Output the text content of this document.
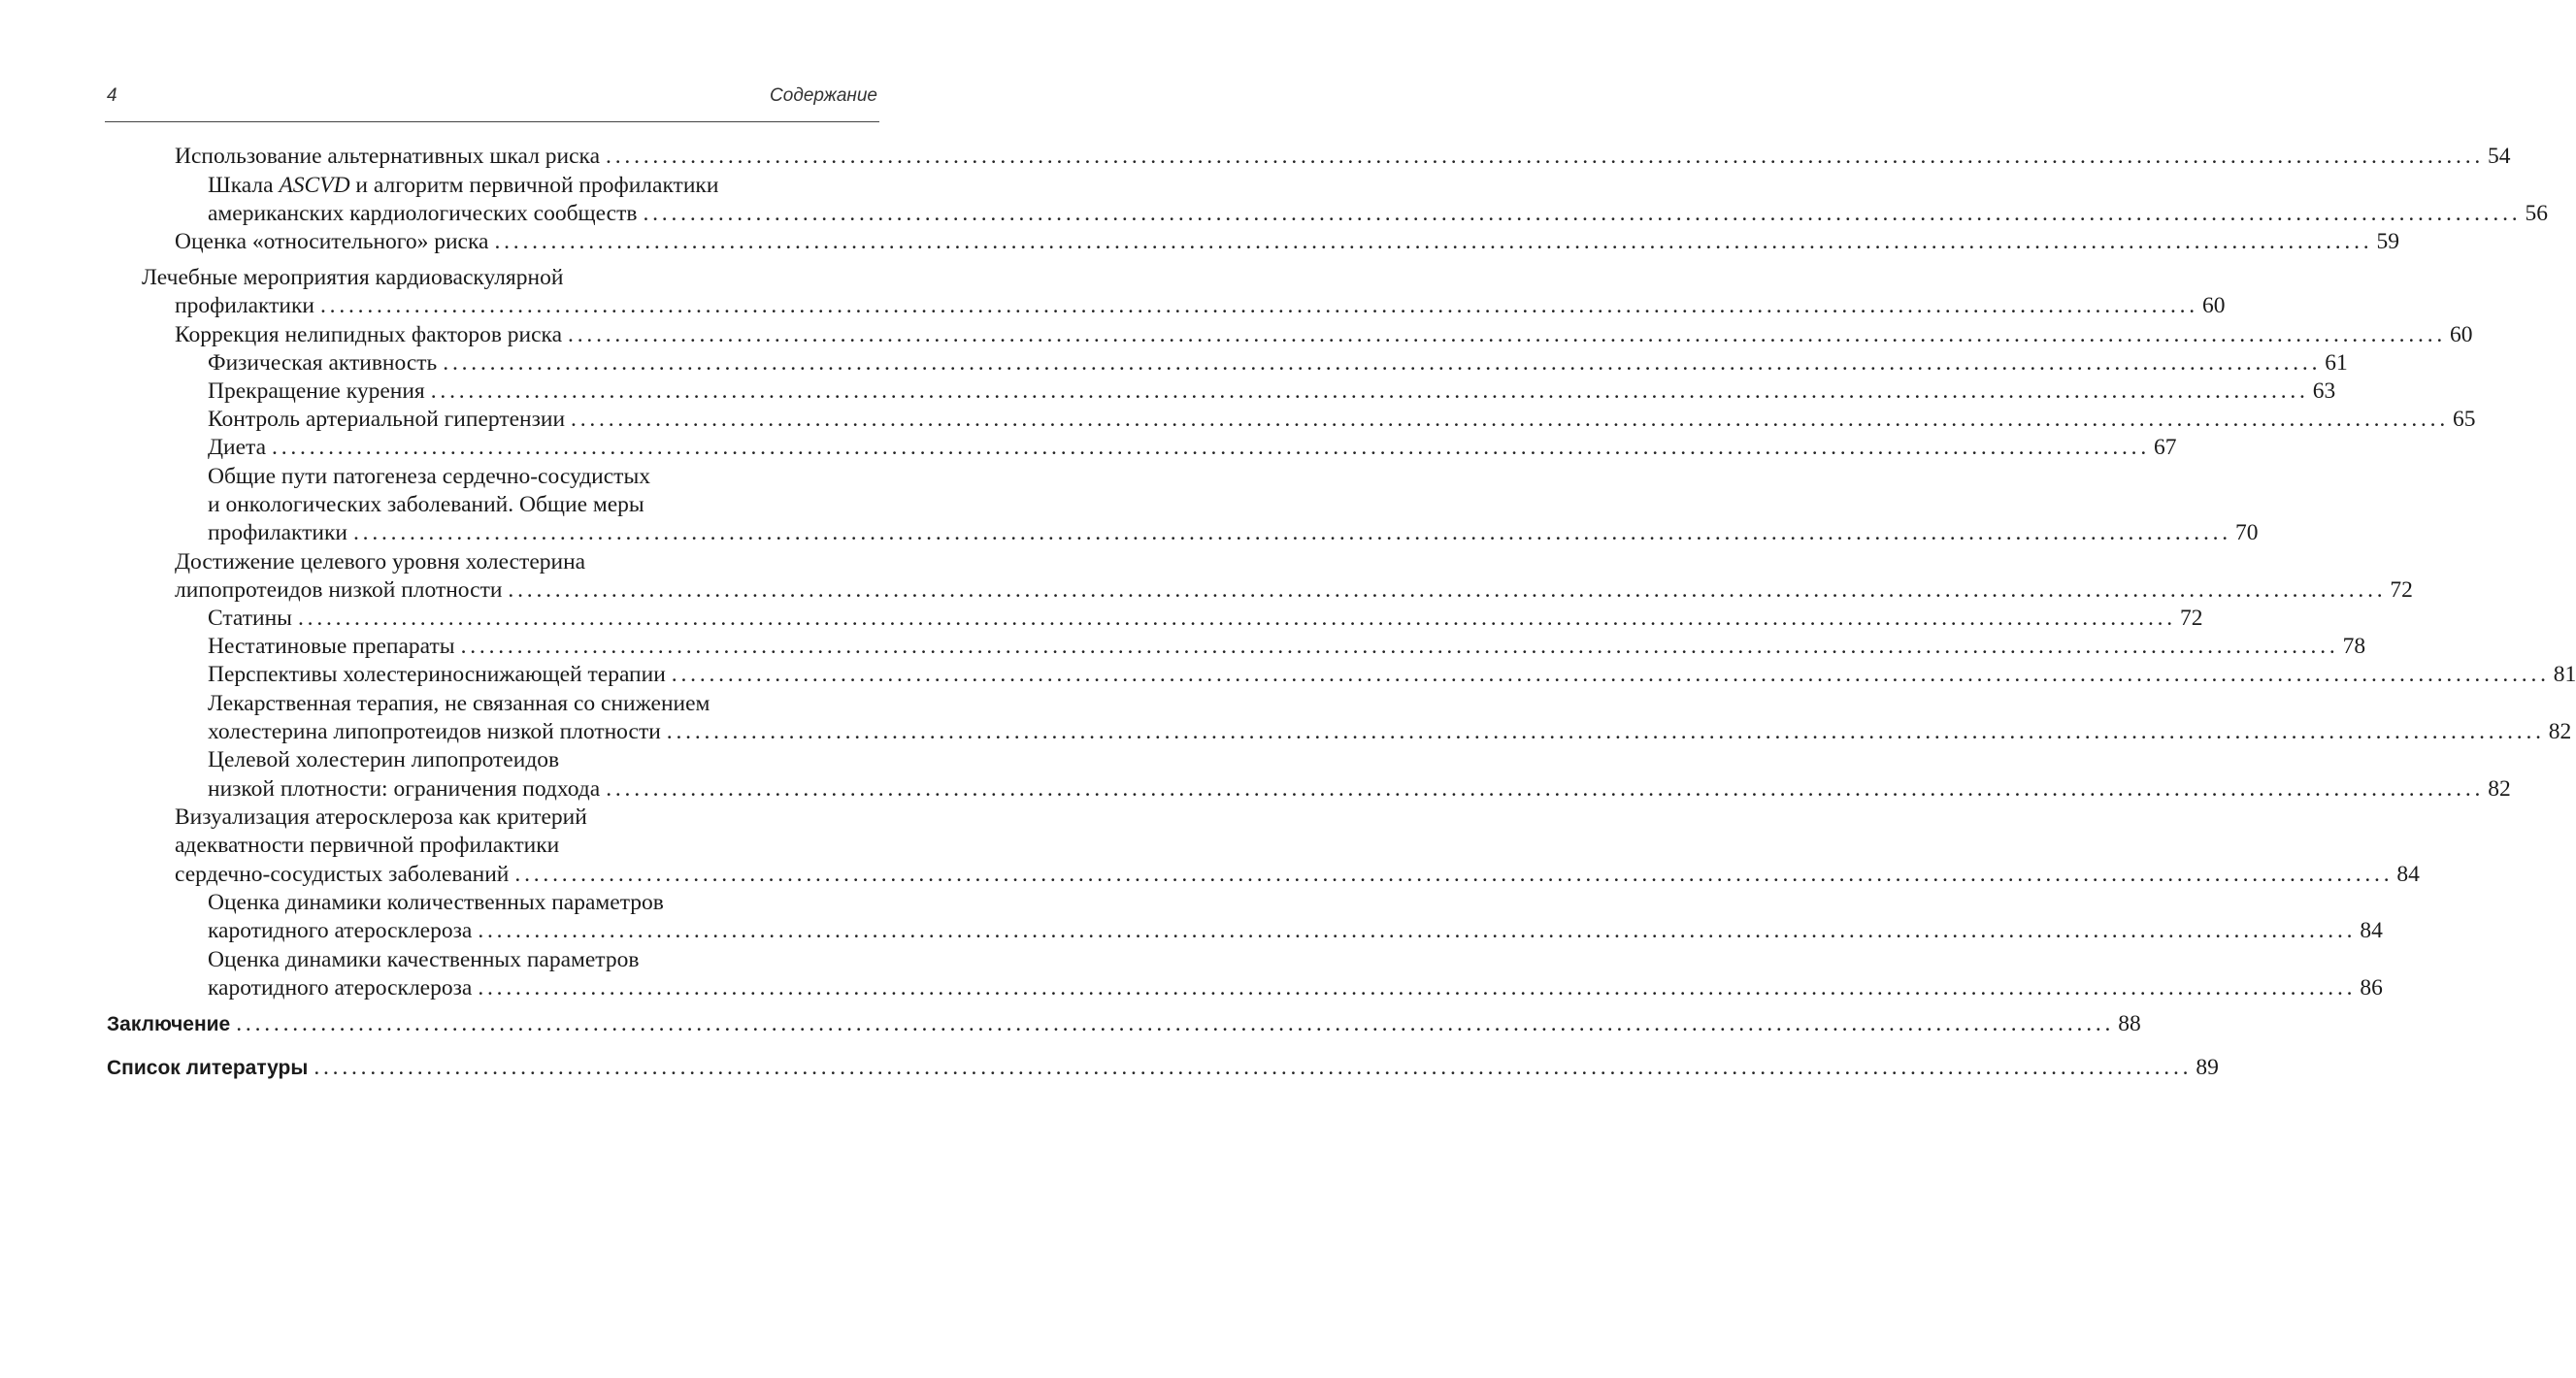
4	Содержание
Использование альтернативных шкал риска ........................................................................................................................................................................................................ 54
Шкала ASCVD и алгоритм первичной профилактики
американских кардиологических сообществ ........................................................................................................................................................................................................ 56
Оценка «относительного» риска ........................................................................................................................................................................................................ 59
Лечебные мероприятия кардиоваскулярной
профилактики ........................................................................................................................................................................................................ 60
Коррекция нелипидных факторов риска ........................................................................................................................................................................................................ 60
Физическая активность ........................................................................................................................................................................................................ 61
Прекращение курения ........................................................................................................................................................................................................ 63
Контроль артериальной гипертензии ........................................................................................................................................................................................................ 65
Диета ........................................................................................................................................................................................................ 67
Общие пути патогенеза сердечно-сосудистых
и онкологических заболеваний. Общие меры
профилактики ........................................................................................................................................................................................................ 70
Достижение целевого уровня холестерина
липопротеидов низкой плотности ........................................................................................................................................................................................................ 72
Статины ........................................................................................................................................................................................................ 72
Нестатиновые препараты ........................................................................................................................................................................................................ 78
Перспективы холестериноснижающей терапии ........................................................................................................................................................................................................ 81
Лекарственная терапия, не связанная со снижением
холестерина липопротеидов низкой плотности ........................................................................................................................................................................................................ 82
Целевой холестерин липопротеидов
низкой плотности: ограничения подхода ........................................................................................................................................................................................................ 82
Визуализация атеросклероза как критерий
адекватности первичной профилактики
сердечно-сосудистых заболеваний ........................................................................................................................................................................................................ 84
Оценка динамики количественных параметров
каротидного атеросклероза ........................................................................................................................................................................................................ 84
Оценка динамики качественных параметров
каротидного атеросклероза ........................................................................................................................................................................................................ 86
Заключение ........................................................................................................................................................................................................ 88
Список литературы ........................................................................................................................................................................................................ 89
